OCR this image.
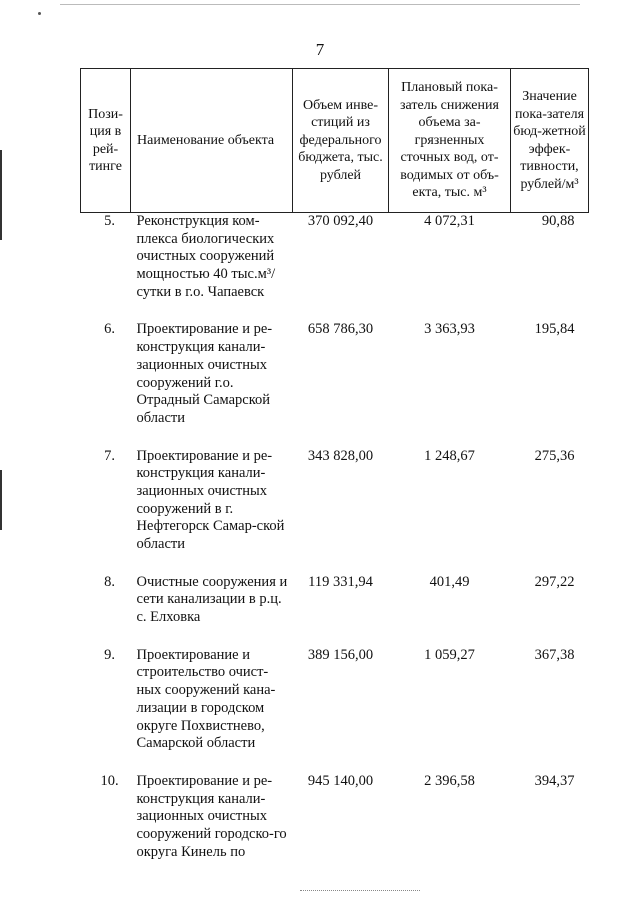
7
Пози-ция в рей-тинге	Наименование объекта	Объем инве-стиций из федерального бюджета, тыс. рублей	Плановый пока-затель снижения объема за-грязненных сточных вод, от-водимых от объ-екта, тыс. м³	Значение пока-зателя бюд-жетной эффек-тивности, рублей/м³
5.	Реконструкция ком-плекса биологических очистных сооружений мощностью 40 тыс.м³/сутки в г.о. Чапаевск	370 092,40	4 072,31	90,88
6.	Проектирование и ре-конструкция канали-зационных очистных сооружений г.о. Отрадный Самарской области	658 786,30	3 363,93	195,84
7.	Проектирование и ре-конструкция канали-зационных очистных сооружений в г. Нефтегорск Самар-ской области	343 828,00	1 248,67	275,36
8.	Очистные сооружения и сети канализации в р.ц. с. Елховка	119 331,94	401,49	297,22
9.	Проектирование и строительство очист-ных сооружений кана-лизации в городском округе Похвистнево, Самарской области	389 156,00	1 059,27	367,38
10.	Проектирование и ре-конструкция канали-зационных очистных сооружений городско-го округа Кинель по	945 140,00	2 396,58	394,37
